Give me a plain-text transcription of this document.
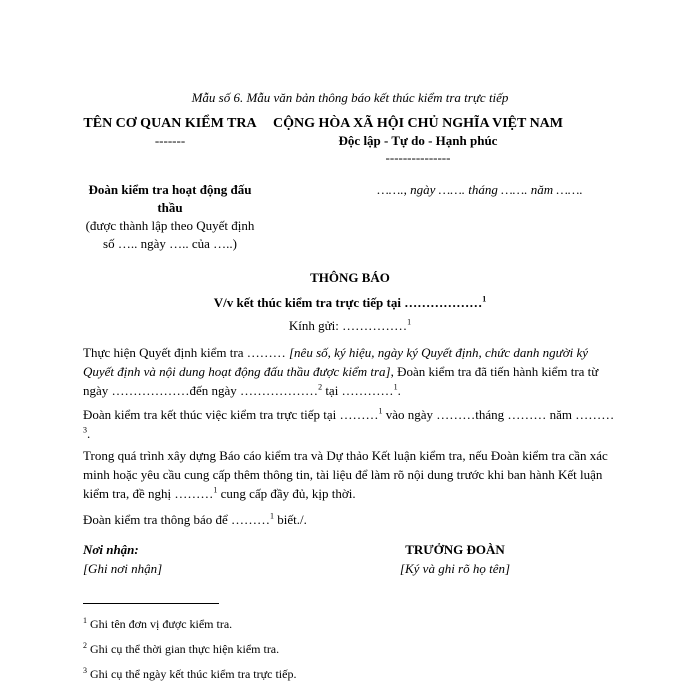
Mẫu số 6. Mẫu văn bản thông báo kết thúc kiểm tra trực tiếp
TÊN CƠ QUAN KIỂM TRA
-------
Đoàn kiểm tra hoạt động đấu
thầu
(được thành lập theo Quyết định
số ….. ngày ….. của …..)
CỘNG HÒA XÃ HỘI CHỦ NGHĨA VIỆT NAM
Độc lập - Tự do - Hạnh phúc
---------------
……., ngày ……. tháng ……. năm …….
THÔNG BÁO
V/v kết thúc kiểm tra trực tiếp tại ………………$^1$
Kính gửi: ……………$^1$
Thực hiện Quyết định kiểm tra ……… [nêu số, ký hiệu, ngày ký Quyết định, chức danh người ký Quyết định và nội dung hoạt động đấu thầu được kiểm tra], Đoàn kiểm tra đã tiến hành kiểm tra từ ngày ………………đến ngày ………………$^2$ tại …………$^1$.
Đoàn kiểm tra kết thúc việc kiểm tra trực tiếp tại ………$^1$ vào ngày ………tháng ……… năm ………$^3$.
Trong quá trình xây dựng Báo cáo kiểm tra và Dự thảo Kết luận kiểm tra, nếu Đoàn kiểm tra cần xác minh hoặc yêu cầu cung cấp thêm thông tin, tài liệu để làm rõ nội dung trước khi ban hành Kết luận kiểm tra, đề nghị ………$^1$ cung cấp đầy đủ, kịp thời.
Đoàn kiểm tra thông báo để ………$^1$ biết./.
Nơi nhận:
[Ghi nơi nhận]
TRƯỞNG ĐOÀN
[Ký và ghi rõ họ tên]
$^1$ Ghi tên đơn vị được kiểm tra.
$^2$ Ghi cụ thể thời gian thực hiện kiểm tra.
$^3$ Ghi cụ thể ngày kết thúc kiểm tra trực tiếp.
